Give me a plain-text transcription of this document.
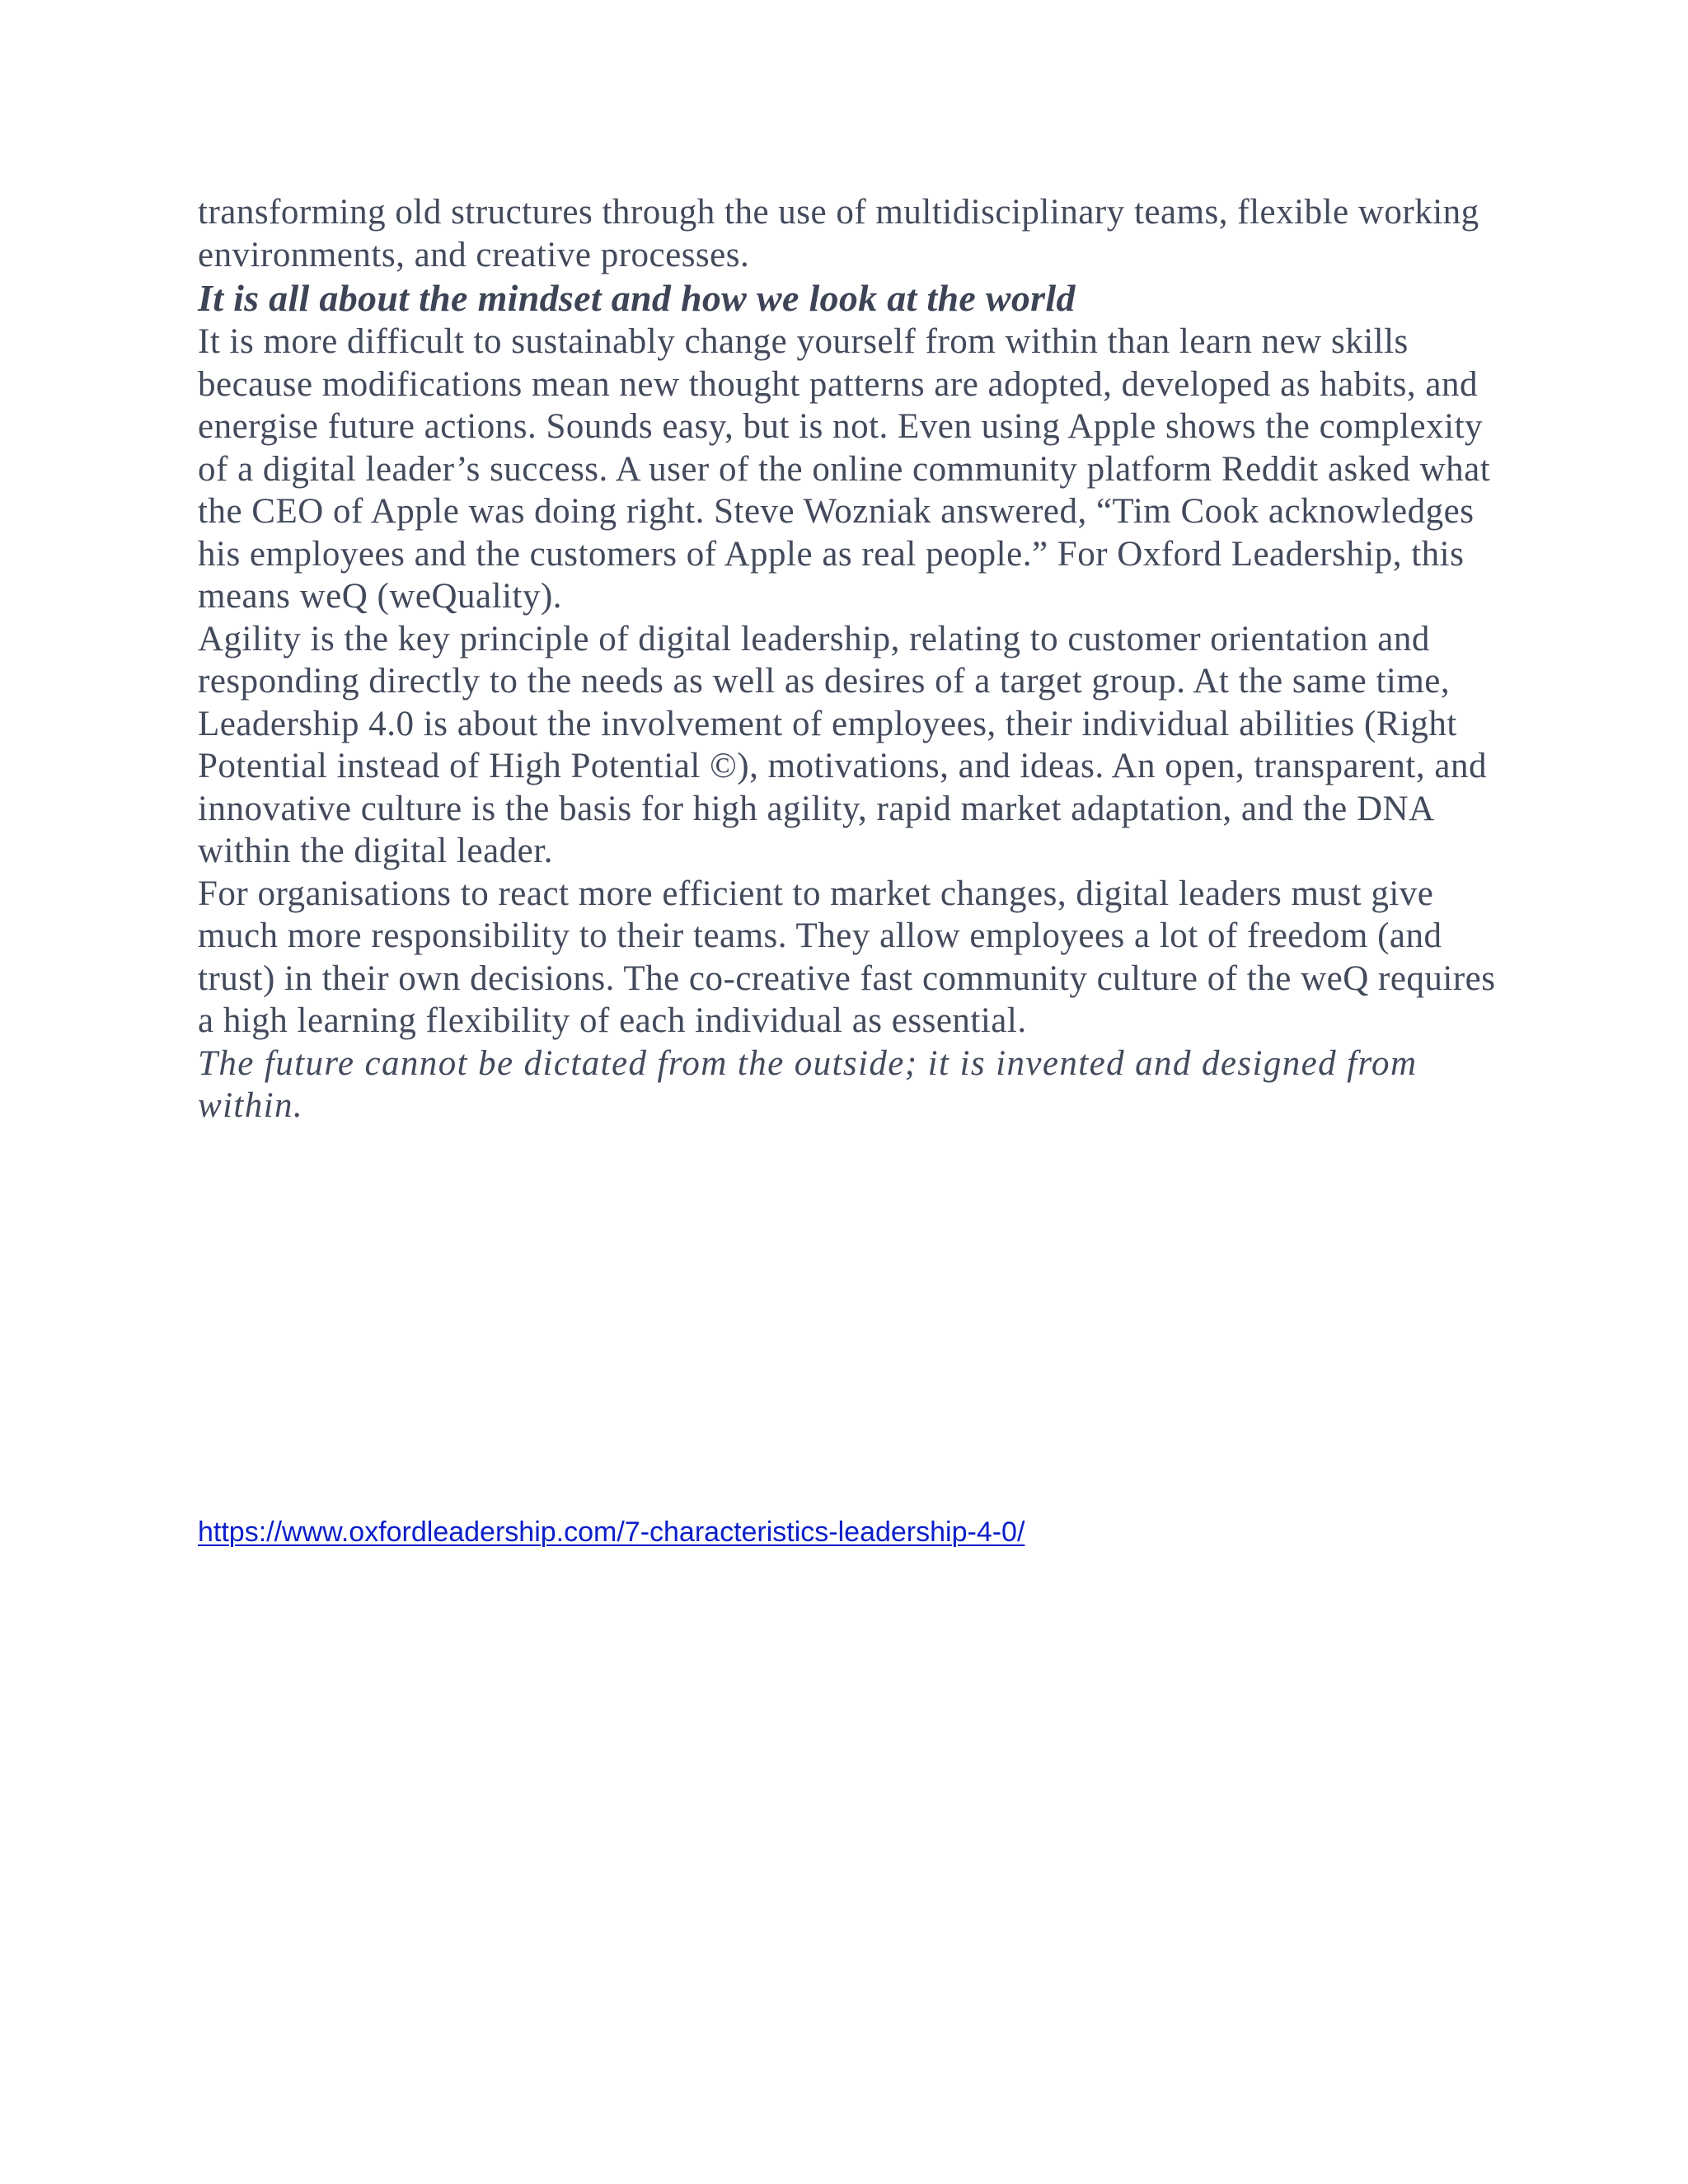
transforming old structures through the use of multidisciplinary teams, flexible working environments, and creative processes.

It is all about the mindset and how we look at the world

It is more difficult to sustainably change yourself from within than learn new skills because modifications mean new thought patterns are adopted, developed as habits, and energise future actions. Sounds easy, but is not. Even using Apple shows the complexity of a digital leader’s success. A user of the online community platform Reddit asked what the CEO of Apple was doing right. Steve Wozniak answered, “Tim Cook acknowledges his employees and the customers of Apple as real people.” For Oxford Leadership, this means weQ (weQuality).

Agility is the key principle of digital leadership, relating to customer orientation and responding directly to the needs as well as desires of a target group. At the same time, Leadership 4.0 is about the involvement of employees, their individual abilities (Right Potential instead of High Potential ©), motivations, and ideas. An open, transparent, and innovative culture is the basis for high agility, rapid market adaptation, and the DNA within the digital leader.

For organisations to react more efficient to market changes, digital leaders must give much more responsibility to their teams. They allow employees a lot of freedom (and trust) in their own decisions. The co-creative fast community culture of the weQ requires a high learning flexibility of each individual as essential.

The future cannot be dictated from the outside; it is invented and designed from within.

https://www.oxfordleadership.com/7-characteristics-leadership-4-0/
